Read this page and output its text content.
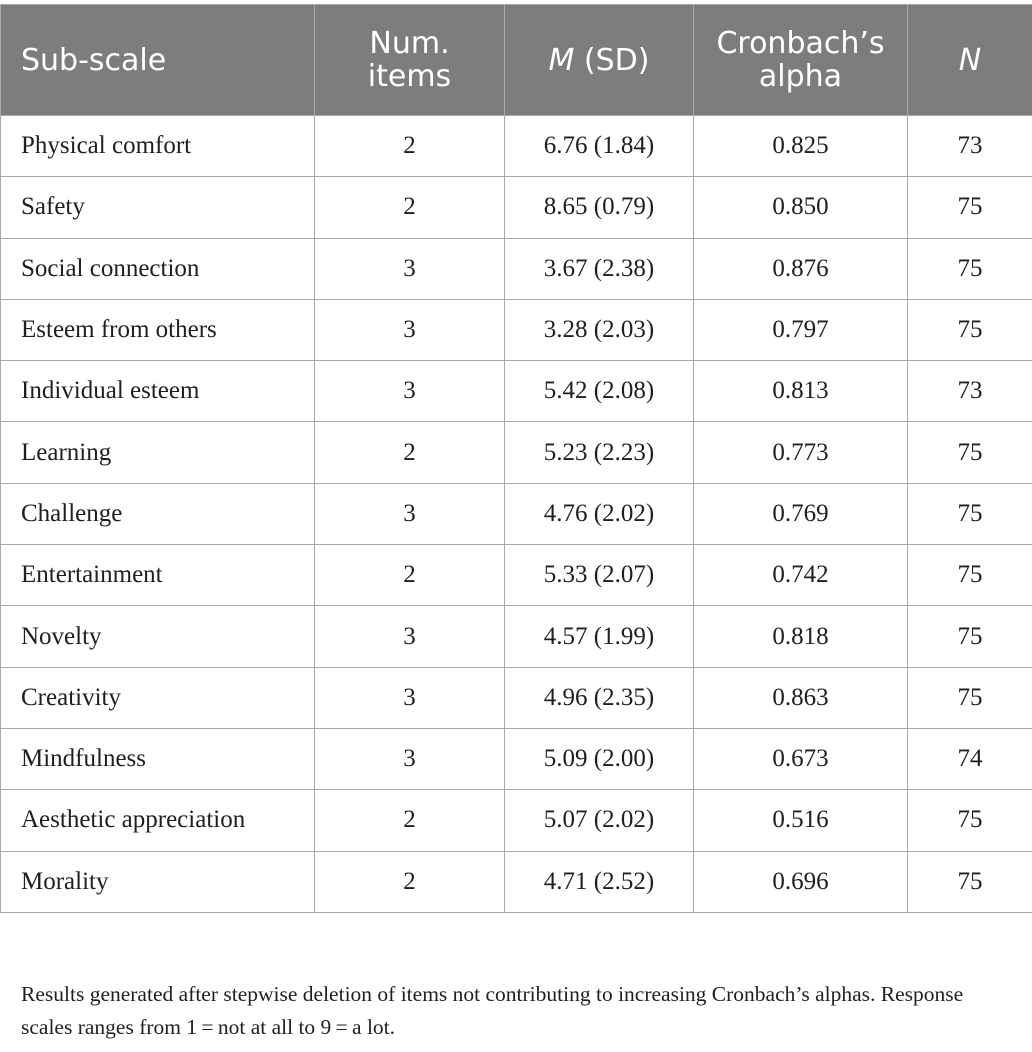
Sub-scale	Num. items	M (SD)	Cronbach’s alpha	N
Physical comfort	2	6.76 (1.84)	0.825	73
Safety	2	8.65 (0.79)	0.850	75
Social connection	3	3.67 (2.38)	0.876	75
Esteem from others	3	3.28 (2.03)	0.797	75
Individual esteem	3	5.42 (2.08)	0.813	73
Learning	2	5.23 (2.23)	0.773	75
Challenge	3	4.76 (2.02)	0.769	75
Entertainment	2	5.33 (2.07)	0.742	75
Novelty	3	4.57 (1.99)	0.818	75
Creativity	3	4.96 (2.35)	0.863	75
Mindfulness	3	5.09 (2.00)	0.673	74
Aesthetic appreciation	2	5.07 (2.02)	0.516	75
Morality	2	4.71 (2.52)	0.696	75
Results generated after stepwise deletion of items not contributing to increasing Cronbach’s alphas. Response scales ranges from 1 = not at all to 9 = a lot.
